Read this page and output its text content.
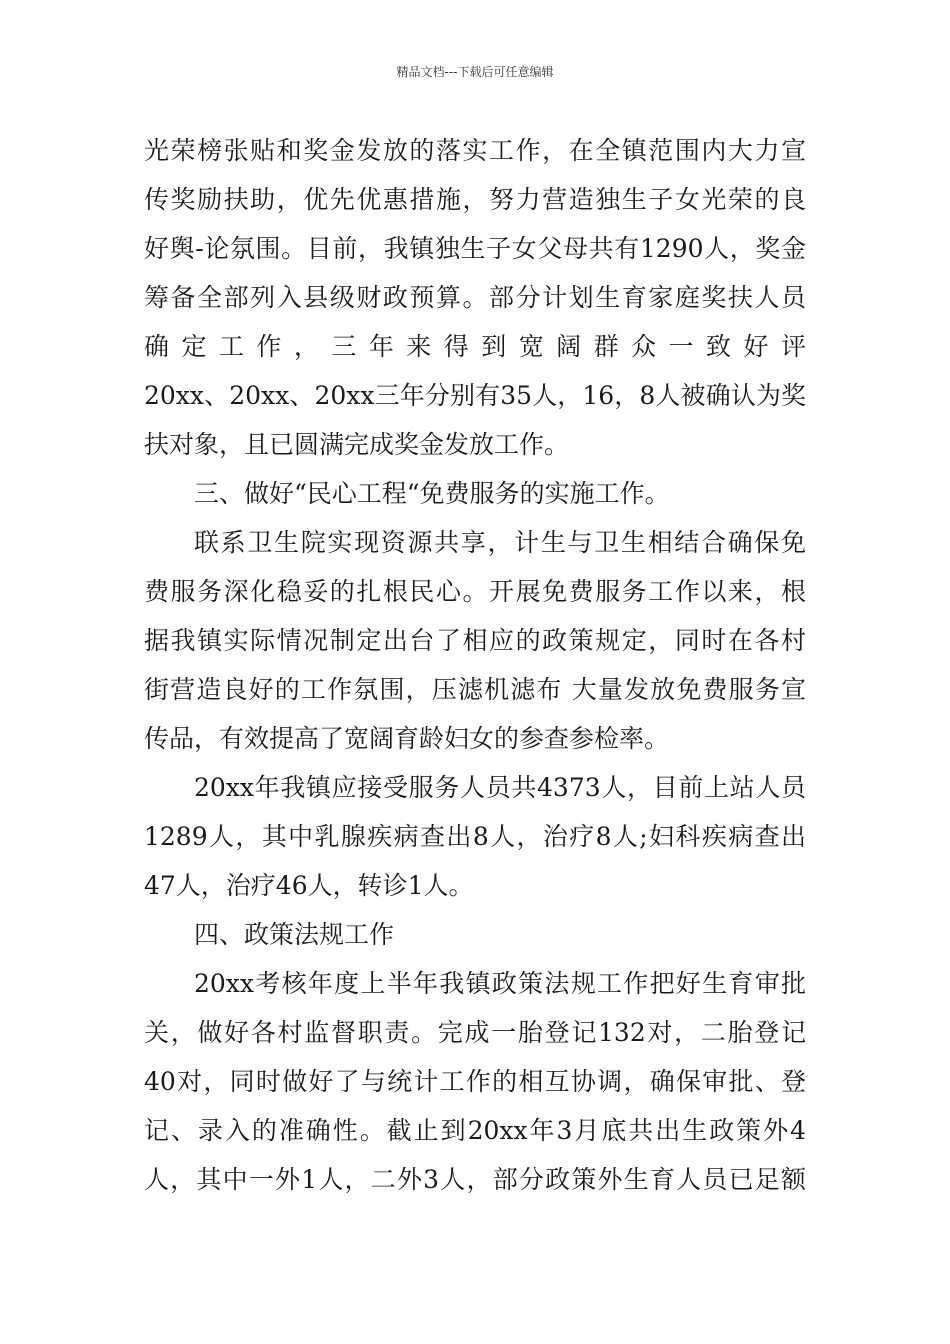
精品文档---下载后可任意编辑
光荣榜张贴和奖金发放的落实工作，在全镇范围内大力宣
传奖励扶助，优先优惠措施，努力营造独生子女光荣的良
好舆-论氛围。目前，我镇独生子女父母共有1290人，奖金
筹备全部列入县级财政预算。部分计划生育家庭奖扶人员
确 定 工 作 ， 三 年 来 得 到 宽 阔 群 众 一 致 好 评
20xx、20xx、20xx三年分别有35人，16，8人被确认为奖
扶对象，且已圆满完成奖金发放工作。
三、做好“民心工程“免费服务的实施工作。
联系卫生院实现资源共享，计生与卫生相结合确保免
费服务深化稳妥的扎根民心。开展免费服务工作以来，根
据我镇实际情况制定出台了相应的政策规定，同时在各村
街营造良好的工作氛围，压滤机滤布 大量发放免费服务宣
传品，有效提高了宽阔育龄妇女的参查参检率。
20xx年我镇应接受服务人员共4373人，目前上站人员
1289人，其中乳腺疾病查出8人，治疗8人;妇科疾病查出
47人，治疗46人，转诊1人。
四、政策法规工作
20xx考核年度上半年我镇政策法规工作把好生育审批
关，做好各村监督职责。完成一胎登记132对，二胎登记
40对，同时做好了与统计工作的相互协调，确保审批、登
记、录入的准确性。截止到20xx年3月底共出生政策外4
人，其中一外1人，二外3人，部分政策外生育人员已足额
